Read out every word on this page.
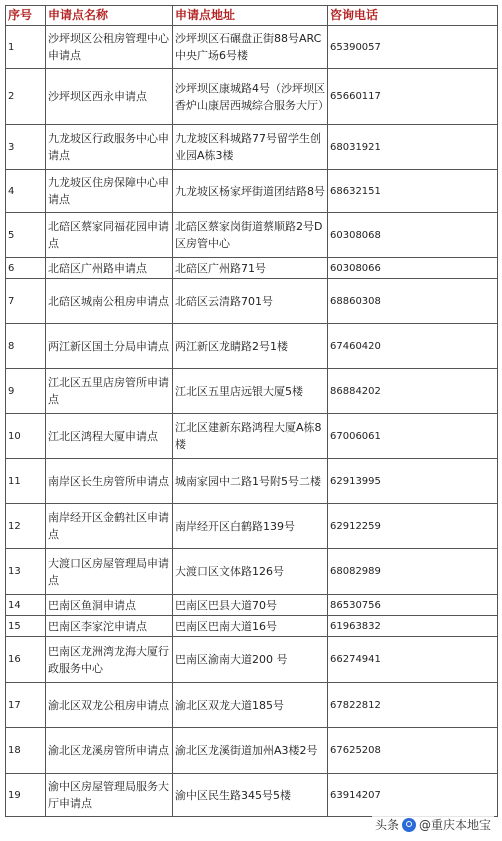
序号	申请点名称	申请点地址	咨询电话
1	沙坪坝区公租房管理中心申请点	沙坪坝区石碾盘正街88号ARC中央广场6号楼	65390057
2	沙坪坝区西永申请点	沙坪坝区康城路4号（沙坪坝区香炉山康居西城综合服务大厅）	65660117
3	九龙坡区行政服务中心申请点	九龙坡区科城路77号留学生创业园A栋3楼	68031921
4	九龙坡区住房保障中心申请点	九龙坡区杨家坪街道团结路8号	68632151
5	北碚区蔡家同福花园申请点	北碚区蔡家岗街道蔡顺路2号D区房管中心	60308068
6	北碚区广州路申请点	北碚区广州路71号	60308066
7	北碚区城南公租房申请点	北碚区云清路701号	68860308
8	两江新区国土分局申请点	两江新区龙睛路2号1楼	67460420
9	江北区五里店房管所申请点	江北区五里店远银大厦5楼	86884202
10	江北区鸿程大厦申请点	江北区建新东路鸿程大厦A栋8楼	67006061
11	南岸区长生房管所申请点	城南家园中二路1号附5号二楼	62913995
12	南岸经开区金鹤社区申请点	南岸经开区白鹤路139号	62912259
13	大渡口区房屋管理局申请点	大渡口区文体路126号	68082989
14	巴南区鱼洞申请点	巴南区巴县大道70号	86530756
15	巴南区李家沱申请点	巴南区巴南大道16号	61963832
16	巴南区龙洲湾龙海大厦行政服务中心	巴南区渝南大道200 号	66274941
17	渝北区双龙公租房申请点	渝北区双龙大道185号	67822812
18	渝北区龙溪房管所申请点	渝北区龙溪街道加州A3楼2号	67625208
19	渝中区房屋管理局服务大厅申请点	渝中区民生路345号5楼	63914207
头条 @重庆本地宝
